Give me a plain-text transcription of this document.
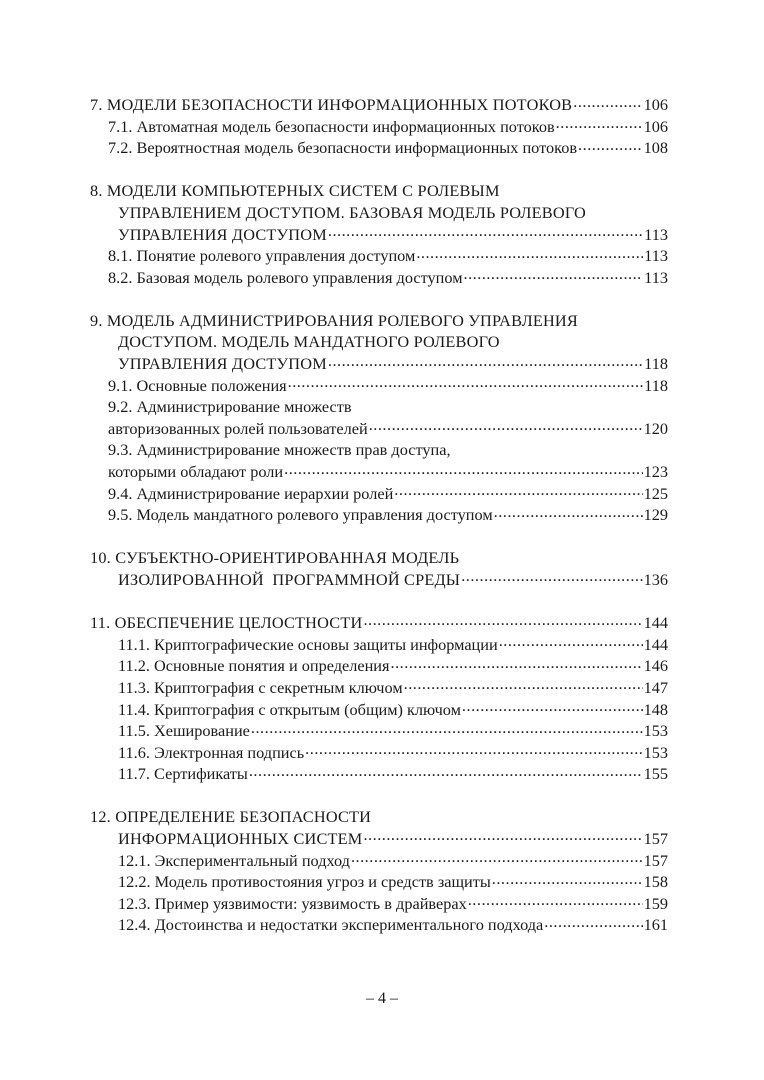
7. МОДЕЛИ БЕЗОПАСНОСТИ ИНФОРМАЦИОННЫХ ПОТОКОВ .....	106
7.1. Автоматная модель безопасности информационных потоков .....	106
7.2. Вероятностная модель безопасности информационных потоков .....	108
8. МОДЕЛИ КОМПЬЮТЕРНЫХ СИСТЕМ С РОЛЕВЫМ
УПРАВЛЕНИЕМ ДОСТУПОМ. БАЗОВАЯ МОДЕЛЬ РОЛЕВОГО
УПРАВЛЕНИЯ ДОСТУПОМ .....	113
8.1. Понятие ролевого управления доступом .....	113
8.2. Базовая модель ролевого управления доступом .....	113
9. МОДЕЛЬ АДМИНИСТРИРОВАНИЯ РОЛЕВОГО УПРАВЛЕНИЯ
ДОСТУПОМ. МОДЕЛЬ МАНДАТНОГО РОЛЕВОГО
УПРАВЛЕНИЯ ДОСТУПОМ .....	118
9.1. Основные положения .....	118
9.2. Администрирование множеств
авторизованных ролей пользователей .....	120
9.3. Администрирование множеств прав доступа,
которыми обладают роли .....	123
9.4. Администрирование иерархии ролей .....	125
9.5. Модель мандатного ролевого управления доступом .....	129
10. СУБЪЕКТНО-ОРИЕНТИРОВАННАЯ МОДЕЛЬ
ИЗОЛИРОВАННОЙ  ПРОГРАММНОЙ СРЕДЫ .....	136
11. ОБЕСПЕЧЕНИЕ ЦЕЛОСТНОСТИ .....	144
11.1. Криптографические основы защиты информации .....	144
11.2. Основные понятия и определения .....	146
11.3. Криптография с секретным ключом .....	147
11.4. Криптография с открытым (общим) ключом .....	148
11.5. Хеширование .....	153
11.6. Электронная подпись .....	153
11.7. Сертификаты .....	155
12. ОПРЕДЕЛЕНИЕ БЕЗОПАСНОСТИ
ИНФОРМАЦИОННЫХ СИСТЕМ .....	157
12.1. Экспериментальный подход .....	157
12.2. Модель противостояния угроз и средств защиты .....	158
12.3. Пример уязвимости: уязвимость в драйверах .....	159
12.4. Достоинства и недостатки экспериментального подхода .....	161
– 4 –
